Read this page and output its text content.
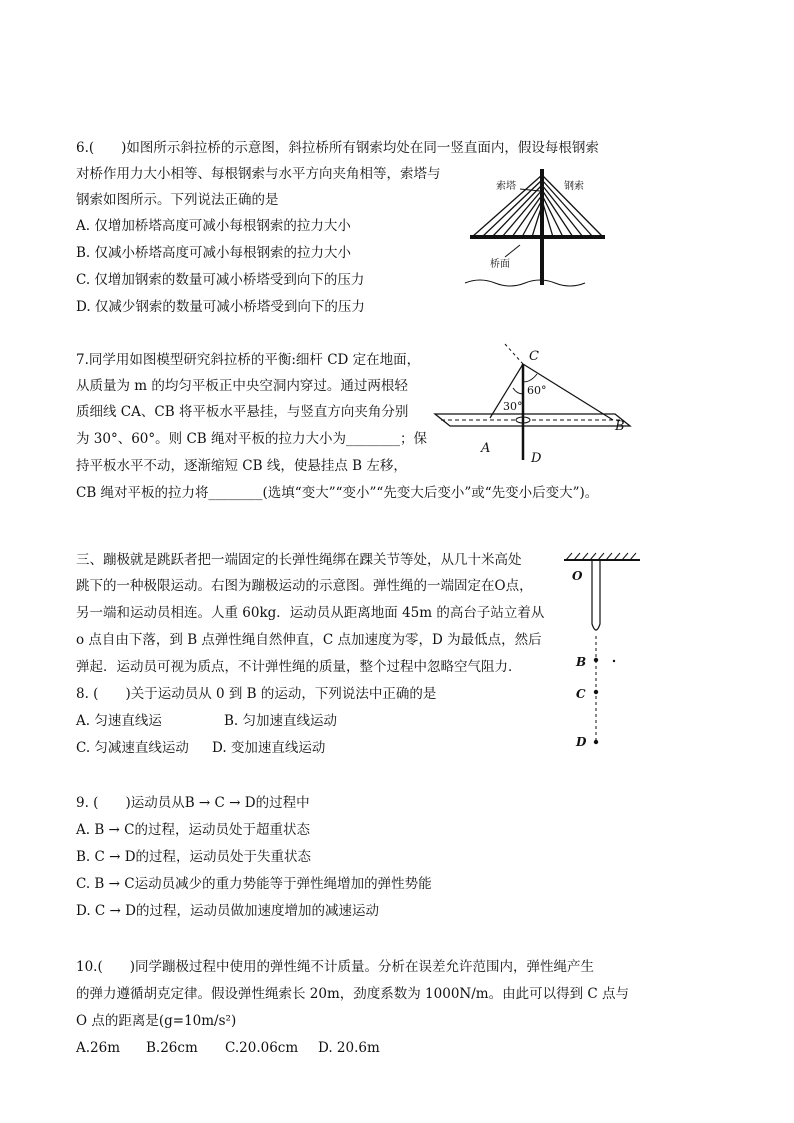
6.(　　)如图所示斜拉桥的示意图，斜拉桥所有钢索均处在同一竖直面内，假设每根钢索
对桥作用力大小相等、每根钢索与水平方向夹角相等，索塔与
钢索如图所示。下列说法正确的是
A. 仅增加桥塔高度可减小每根钢索的拉力大小
B. 仅减小桥塔高度可减小每根钢索的拉力大小
C. 仅增加钢索的数量可减小桥塔受到向下的压力
D. 仅减少钢索的数量可减小桥塔受到向下的压力
索塔	钢索
桥面
7.同学用如图模型研究斜拉桥的平衡:细杆 CD 定在地面，
从质量为 m 的均匀平板正中央空洞内穿过。通过两根轻
质细线 CA、CB 将平板水平悬挂，与竖直方向夹角分别
为 30°、60°。则 CB 绳对平板的拉力大小为________；保
持平板水平不动，逐渐缩短 CB 线，使悬挂点 B 左移，
CB 绳对平板的拉力将________(选填“变大”“变小”“先变大后变小”或“先变小后变大”)。
C
60°
30°
A
B
D
三、蹦极就是跳跃者把一端固定的长弹性绳绑在踝关节等处，从几十米高处
跳下的一种极限运动。右图为蹦极运动的示意图。弹性绳的一端固定在O点，
另一端和运动员相连。人重 60kg．运动员从距离地面 45m 的高台子站立着从
o 点自由下落，到 B 点弹性绳自然伸直，C 点加速度为零，D 为最低点，然后
弹起．运动员可视为质点，不计弹性绳的质量，整个过程中忽略空气阻力．
O
B
C
D
8. (　　)关于运动员从 0 到 B 的运动，下列说法中正确的是
A. 匀速直线运	B. 匀加速直线运动
C. 匀减速直线运动 D. 变加速直线运动
9. (　　)运动员从B → C → D的过程中
A. B → C的过程，运动员处于超重状态
B. C → D的过程，运动员处于失重状态
C. B → C运动员减少的重力势能等于弹性绳增加的弹性势能
D. C → D的过程，运动员做加速度增加的减速运动
10.(　　)同学蹦极过程中使用的弹性绳不计质量。分析在误差允许范围内，弹性绳产生
的弹力遵循胡克定律。假设弹性绳索长 20m，劲度系数为 1000N/m。由此可以得到 C 点与
O 点的距离是(g=10m/s²)
A.26m B.26cm C.20.06cm D. 20.6m
